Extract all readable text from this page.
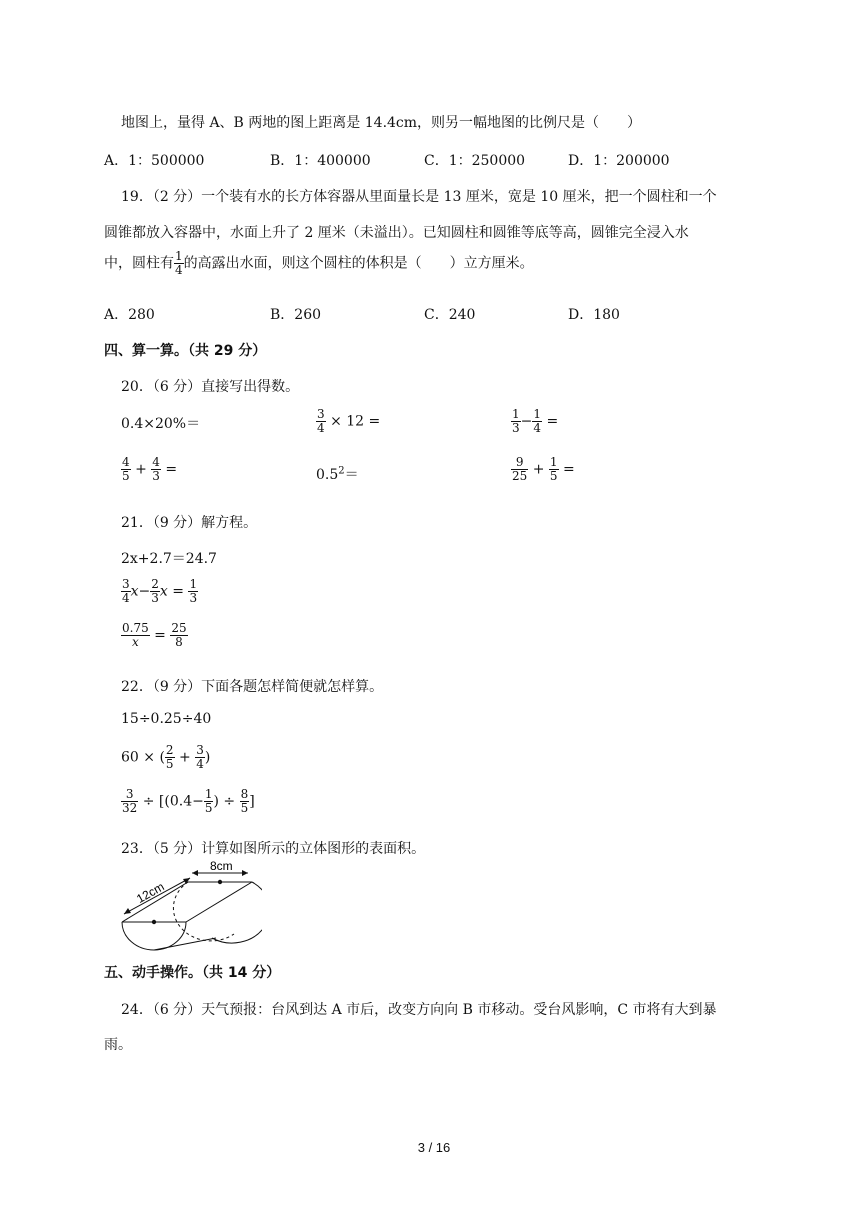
地图上，量得 A、B 两地的图上距离是 14.4cm，则另一幅地图的比例尺是（　　）
A．1：500000	B．1：400000	C．1：250000	D．1：200000
19．（2 分）一个装有水的长方体容器从里面量长是 13 厘米，宽是 10 厘米，把一个圆柱和一个
圆锥都放入容器中，水面上升了 2 厘米（未溢出）。已知圆柱和圆锥等底等高，圆锥完全浸入水
中，圆柱有 $\frac{1}{4}$ 的高露出水面，则这个圆柱的体积是（　　）立方厘米。
A．280	B．260	C．240	D．180
四、算一算。（共 29 分）
20．（6 分）直接写出得数。
0.4×20%＝	$\frac{3}{4} \times 12$ =	$\frac{1}{3} - \frac{1}{4}$ =
$\frac{4}{5} + \frac{4}{3}$ =	$0.5^2=$	$\frac{9}{25} + \frac{1}{5}$ =
21．（9 分）解方程。
2x+2.7＝24.7
$\frac{3}{4} x- \frac{2}{3}$ $x = \frac{1}{3}$
$\frac{0.75}{x} = \frac{25}{8}$
22．（9 分）下面各题怎样简便就怎样算。
15÷0.25÷40
60 × ( $\frac{2}{5} + \frac{3}{4}$ )
$\frac{3}{32} \div [(0.4- \frac{1}{5}$ ) ÷ $\frac{8}{5}$ ]
23．（5 分）计算如图所示的立体图形的表面积。
8cm
12cm
五、动手操作。（共 14 分）
24．（6 分）天气预报：台风到达 A 市后，改变方向向 B 市移动。受台风影响，C 市将有大到暴
雨。
3 / 16
